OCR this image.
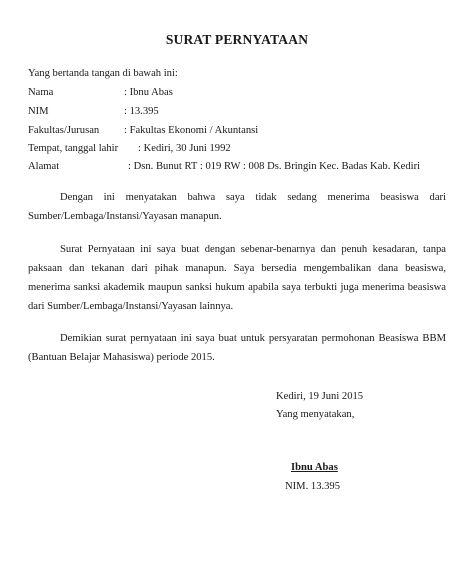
SURAT PERNYATAAN
Yang bertanda tangan di bawah ini:
Nama	: Ibnu Abas
NIM	: 13.395
Fakultas/Jurusan : Fakultas Ekonomi / Akuntansi
Tempat, tanggal lahir : Kediri, 30 Juni 1992
Alamat	: Dsn. Bunut RT : 019 RW : 008 Ds. Bringin Kec. Badas Kab. Kediri
Dengan ini menyatakan bahwa saya tidak sedang menerima beasiswa dari
Sumber/Lembaga/Instansi/Yayasan manapun.
Surat Pernyataan ini saya buat dengan sebenar-benarnya dan penuh kesadaran, tanpa
paksaan dan tekanan dari pihak manapun. Saya bersedia mengembalikan dana beasiswa,
menerima sanksi akademik maupun sanksi hukum apabila saya terbukti juga menerima beasiswa
dari Sumber/Lembaga/Instansi/Yayasan lainnya.
Demikian surat pernyataan ini saya buat untuk persyaratan permohonan Beasiswa BBM
(Bantuan Belajar Mahasiswa) periode 2015.
Kediri, 19 Juni 2015
Yang menyatakan,
Ibnu Abas
NIM. 13.395
